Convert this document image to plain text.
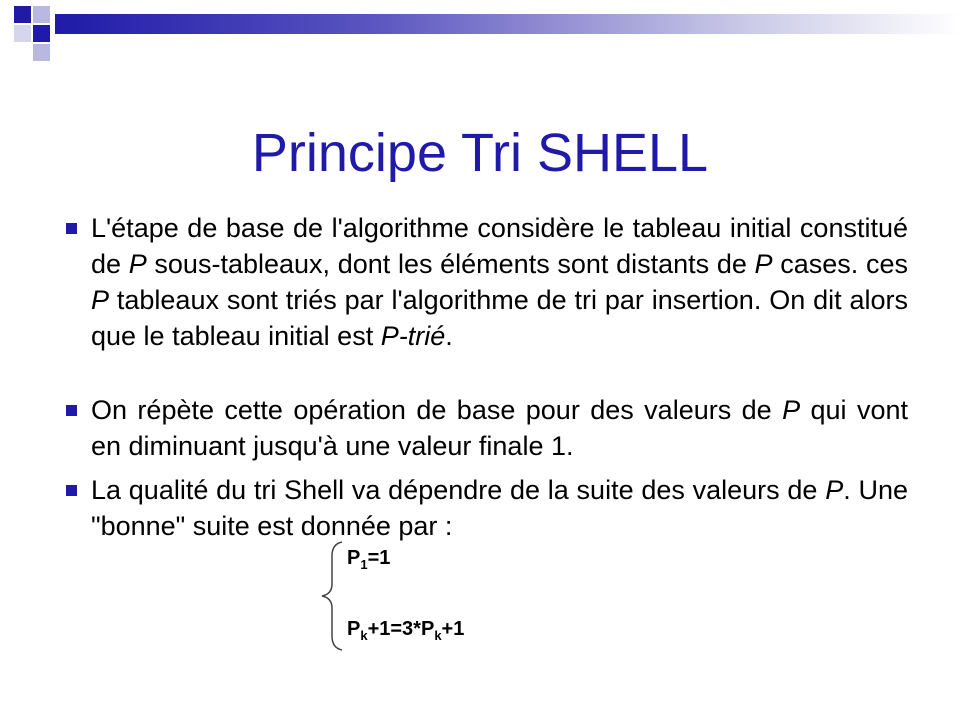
Principe Tri SHELL
L'étape de base de l'algorithme considère le tableau initial constitué de P sous-tableaux, dont les éléments sont distants de P cases. ces P tableaux sont triés par l'algorithme de tri par insertion. On dit alors que le tableau initial est P-trié.
On répète cette opération de base pour des valeurs de P qui vont en diminuant jusqu'à une valeur finale 1.
La qualité du tri Shell va dépendre de la suite des valeurs de P. Une "bonne" suite est donnée par :
$P_1=1$
$P_k+1=3*P_k+1$
